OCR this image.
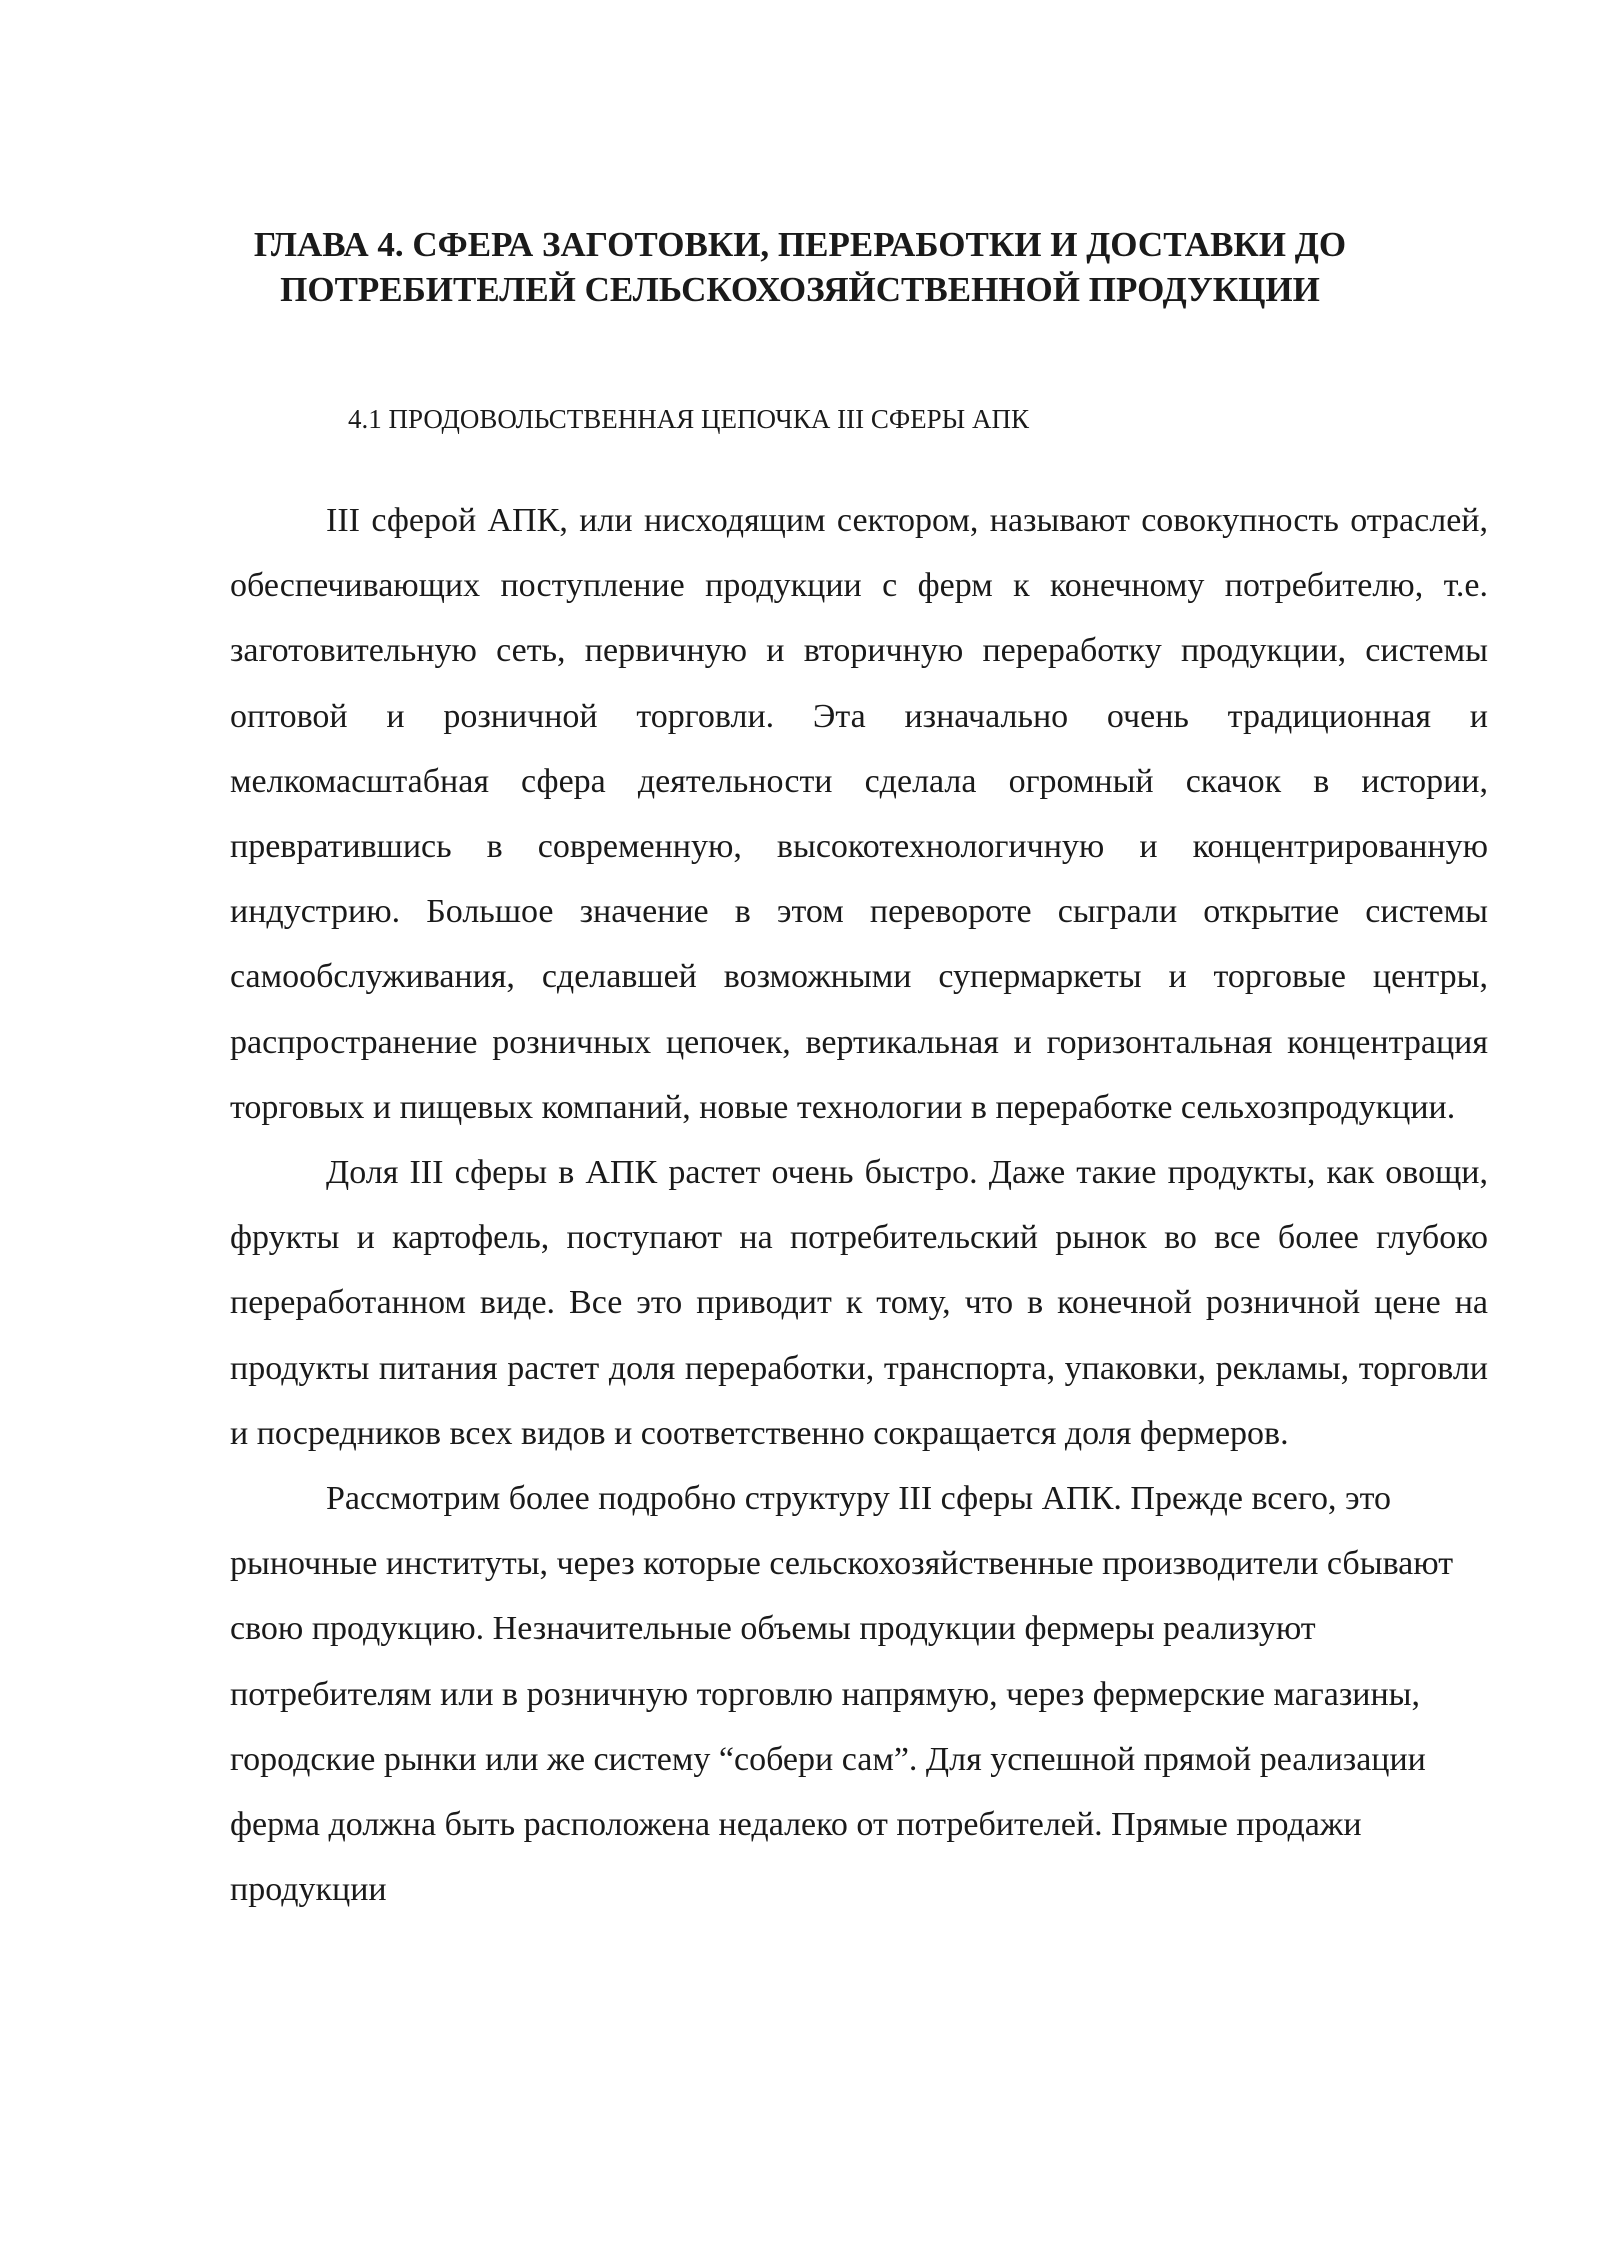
ГЛАВА 4. СФЕРА ЗАГОТОВКИ, ПЕРЕРАБОТКИ И ДОСТАВКИ ДО
ПОТРЕБИТЕЛЕЙ СЕЛЬСКОХОЗЯЙСТВЕННОЙ ПРОДУКЦИИ
4.1 ПРОДОВОЛЬСТВЕННАЯ ЦЕПОЧКА III СФЕРЫ АПК

III сферой АПК, или нисходящим сектором, называют совокупность отраслей, обеспечивающих поступление продукции с ферм к конечному потребителю, т.е. заготовительную сеть, первичную и вторичную переработку продукции, системы оптовой и розничной торговли. Эта изначально очень традиционная и мелкомасштабная сфера деятельности сделала огромный скачок в истории, превратившись в современную, высокотехнологичную и концентрированную индустрию. Большое значение в этом перевороте сыграли открытие системы самообслуживания, сделавшей возможными супермаркеты и торговые центры, распространение розничных цепочек, вертикальная и горизонтальная концентрация торговых и пищевых компаний, новые технологии в переработке сельхозпродукции.

Доля III сферы в АПК растет очень быстро. Даже такие продукты, как овощи, фрукты и картофель, поступают на потребительский рынок во все более глубоко переработанном виде. Все это приводит к тому, что в конечной розничной цене на продукты питания растет доля переработки, транспорта, упаковки, рекламы, торговли и посредников всех видов и соответственно сокращается доля фермеров.

Рассмотрим более подробно структуру III сферы АПК. Прежде всего, это рыночные институты, через которые сельскохозяйственные производители сбывают свою продукцию. Незначительные объемы продукции фермеры реализуют потребителям или в розничную торговлю напрямую, через фермерские магазины, городские рынки или же систему “собери сам”. Для успешной прямой реализации ферма должна быть расположена недалеко от потребителей. Прямые продажи продукции
